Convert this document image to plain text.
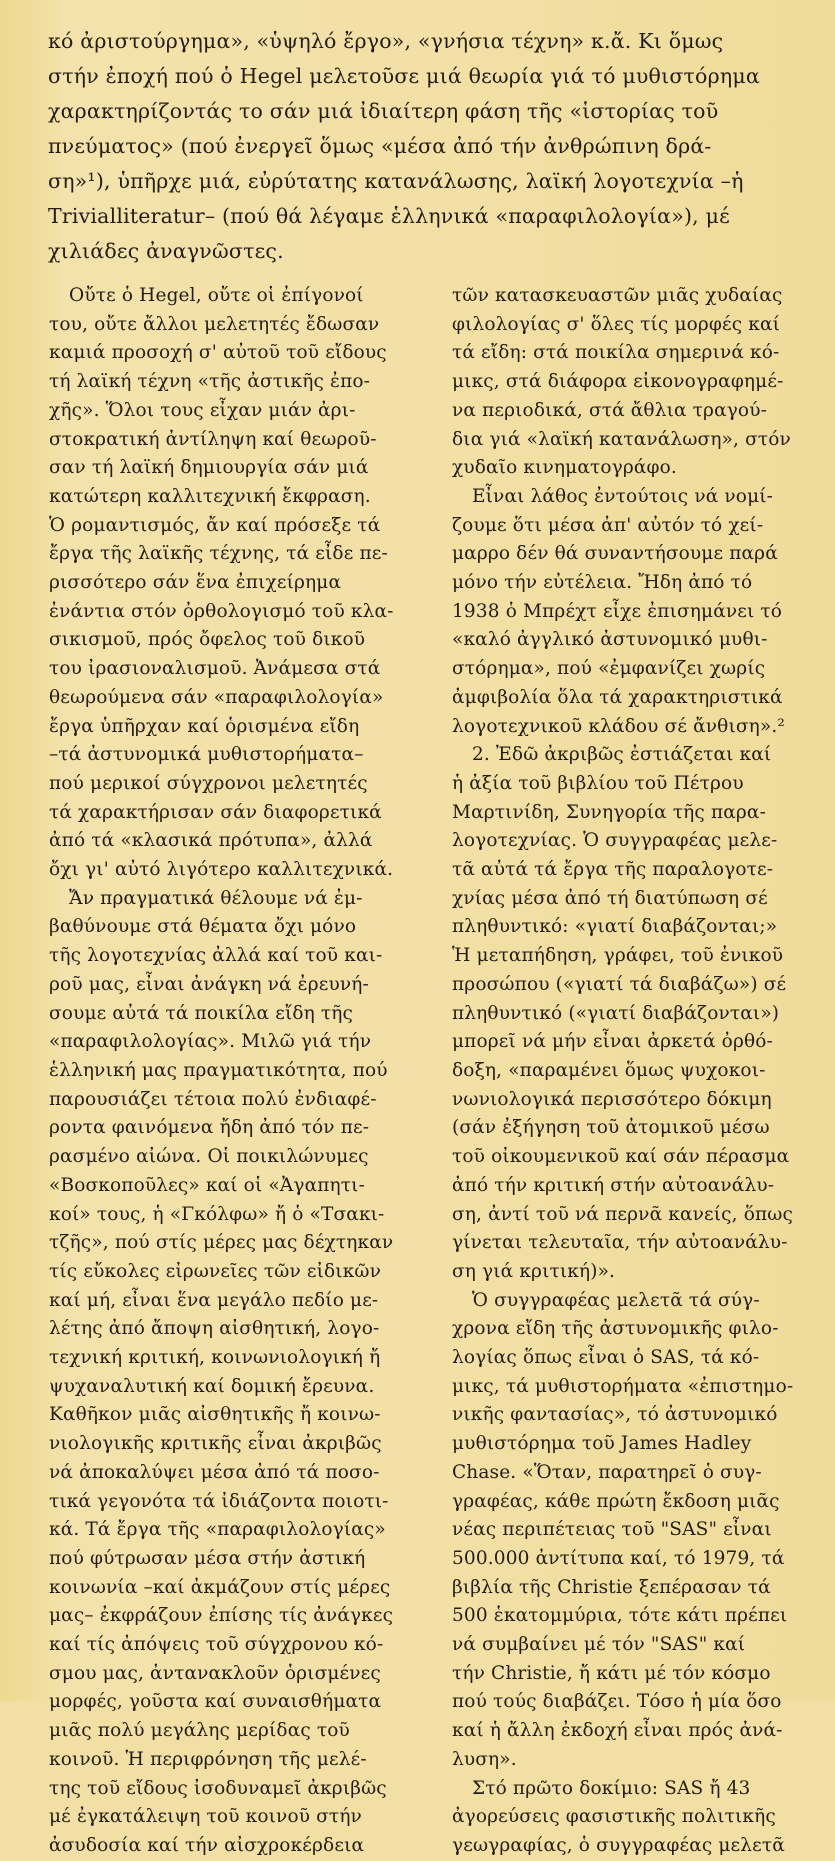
κό ἀριστούργημα», «ὑψηλό ἔργο», «γνήσια τέχνη» κ.ἄ. Κι ὅμως

στήν ἐποχή πού ὁ Hegel μελετοῦσε μιά θεωρία γιά τό μυθιστόρημα

χαρακτηρίζοντάς το σάν μιά ἰδιαίτερη φάση τῆς «ἱστορίας τοῦ

πνεύματος» (πού ἐνεργεῖ ὅμως «μέσα ἀπό τήν ἀνθρώπινη δρά-

ση»¹), ὑπῆρχε μιά, εὐρύτατης κατανάλωσης, λαϊκή λογοτεχνία –ἡ

Trivialliteratur– (πού θά λέγαμε ἑλληνικά «παραφιλολογία»), μέ

χιλιάδες ἀναγνῶστες.

Οὔτε ὁ Hegel, οὔτε οἱ ἐπίγονοί

του, οὔτε ἄλλοι μελετητές ἔδωσαν

καμιά προσοχή σ' αὐτοῦ τοῦ εἴδους

τή λαϊκή τέχνη «τῆς ἀστικῆς ἐπο-

χῆς». Ὅλοι τους εἶχαν μιάν ἀρι-

στοκρατική ἀντίληψη καί θεωροῦ-

σαν τή λαϊκή δημιουργία σάν μιά

κατώτερη καλλιτεχνική ἔκφραση.

Ὁ ρομαντισμός, ἄν καί πρόσεξε τά

ἔργα τῆς λαϊκῆς τέχνης, τά εἶδε πε-

ρισσότερο σάν ἕνα ἐπιχείρημα

ἐνάντια στόν ὀρθολογισμό τοῦ κλα-

σικισμοῦ, πρός ὄφελος τοῦ δικοῦ

του ἰρασιοναλισμοῦ. Ἀνάμεσα στά

θεωρούμενα σάν «παραφιλολογία»

ἔργα ὑπῆρχαν καί ὁρισμένα εἴδη

–τά ἀστυνομικά μυθιστορήματα–

πού μερικοί σύγχρονοι μελετητές

τά χαρακτήρισαν σάν διαφορετικά

ἀπό τά «κλασικά πρότυπα», ἀλλά

ὄχι γι' αὐτό λιγότερο καλλιτεχνικά.

Ἄν πραγματικά θέλουμε νά ἐμ-

βαθύνουμε στά θέματα ὄχι μόνο

τῆς λογοτεχνίας ἀλλά καί τοῦ και-

ροῦ μας, εἶναι ἀνάγκη νά ἐρευνή-

σουμε αὐτά τά ποικίλα εἴδη τῆς

«παραφιλολογίας». Μιλῶ γιά τήν

ἑλληνική μας πραγματικότητα, πού

παρουσιάζει τέτοια πολύ ἐνδιαφέ-

ροντα φαινόμενα ἤδη ἀπό τόν πε-

ρασμένο αἰώνα. Οἱ ποικιλώνυμες

«Βοσκοποῦλες» καί οἱ «Ἀγαπητι-

κοί» τους, ἡ «Γκόλφω» ἤ ὁ «Τσακι-

τζῆς», πού στίς μέρες μας δέχτηκαν

τίς εὔκολες εἰρωνεῖες τῶν εἰδικῶν

καί μή, εἶναι ἕνα μεγάλο πεδίο με-

λέτης ἀπό ἄποψη αἰσθητική, λογο-

τεχνική κριτική, κοινωνιολογική ἤ

ψυχαναλυτική καί δομική ἔρευνα.

Καθῆκον μιᾶς αἰσθητικῆς ἤ κοινω-

νιολογικῆς κριτικῆς εἶναι ἀκριβῶς

νά ἀποκαλύψει μέσα ἀπό τά ποσο-

τικά γεγονότα τά ἰδιάζοντα ποιοτι-

κά. Τά ἔργα τῆς «παραφιλολογίας»

πού φύτρωσαν μέσα στήν ἀστική

κοινωνία –καί ἀκμάζουν στίς μέρες

μας– ἐκφράζουν ἐπίσης τίς ἀνάγκες

καί τίς ἀπόψεις τοῦ σύγχρονου κό-

σμου μας, ἀντανακλοῦν ὁρισμένες

μορφές, γοῦστα καί συναισθήματα

μιᾶς πολύ μεγάλης μερίδας τοῦ

κοινοῦ. Ἡ περιφρόνηση τῆς μελέ-

της τοῦ εἴδους ἰσοδυναμεῖ ἀκριβῶς

μέ ἐγκατάλειψη τοῦ κοινοῦ στήν

ἀσυδοσία καί τήν αἰσχροκέρδεια

τῶν κατασκευαστῶν μιᾶς χυδαίας

φιλολογίας σ' ὅλες τίς μορφές καί

τά εἴδη: στά ποικίλα σημερινά κό-

μικς, στά διάφορα εἰκονογραφημέ-

να περιοδικά, στά ἄθλια τραγού-

δια γιά «λαϊκή κατανάλωση», στόν

χυδαῖο κινηματογράφο.

Εἶναι λάθος ἐντούτοις νά νομί-

ζουμε ὅτι μέσα ἀπ' αὐτόν τό χεί-

μαρρο δέν θά συναντήσουμε παρά

μόνο τήν εὐτέλεια. Ἤδη ἀπό τό

1938 ὁ Μπρέχτ εἶχε ἐπισημάνει τό

«καλό ἀγγλικό ἀστυνομικό μυθι-

στόρημα», πού «ἐμφανίζει χωρίς

ἀμφιβολία ὅλα τά χαρακτηριστικά

λογοτεχνικοῦ κλάδου σέ ἄνθιση».²

2. Ἐδῶ ἀκριβῶς ἐστιάζεται καί

ἡ ἀξία τοῦ βιβλίου τοῦ Πέτρου

Μαρτινίδη, Συνηγορία τῆς παρα-

λογοτεχνίας. Ὁ συγγραφέας μελε-

τᾶ αὐτά τά ἔργα τῆς παραλογοτε-

χνίας μέσα ἀπό τή διατύπωση σέ

πληθυντικό: «γιατί διαβάζονται;»

Ἡ μεταπήδηση, γράφει, τοῦ ἑνικοῦ

προσώπου («γιατί τά διαβάζω») σέ

πληθυντικό («γιατί διαβάζονται»)

μπορεῖ νά μήν εἶναι ἀρκετά ὀρθό-

δοξη, «παραμένει ὅμως ψυχοκοι-

νωνιολογικά περισσότερο δόκιμη

(σάν ἐξήγηση τοῦ ἀτομικοῦ μέσω

τοῦ οἰκουμενικοῦ καί σάν πέρασμα

ἀπό τήν κριτική στήν αὐτοανάλυ-

ση, ἀντί τοῦ νά περνᾶ κανείς, ὅπως

γίνεται τελευταῖα, τήν αὐτοανάλυ-

ση γιά κριτική)».

Ὁ συγγραφέας μελετᾶ τά σύγ-

χρονα εἴδη τῆς ἀστυνομικῆς φιλο-

λογίας ὅπως εἶναι ὁ SAS, τά κό-

μικς, τά μυθιστορήματα «ἐπιστημο-

νικῆς φαντασίας», τό ἀστυνομικό

μυθιστόρημα τοῦ James Hadley

Chase. «Ὅταν, παρατηρεῖ ὁ συγ-

γραφέας, κάθε πρώτη ἔκδοση μιᾶς

νέας περιπέτειας τοῦ "SAS" εἶναι

500.000 ἀντίτυπα καί, τό 1979, τά

βιβλία τῆς Christie ξεπέρασαν τά

500 ἑκατομμύρια, τότε κάτι πρέπει

νά συμβαίνει μέ τόν "SAS" καί

τήν Christie, ἤ κάτι μέ τόν κόσμο

πού τούς διαβάζει. Τόσο ἡ μία ὅσο

καί ἡ ἄλλη ἐκδοχή εἶναι πρός ἀνά-

λυση».

Στό πρῶτο δοκίμιο: SAS ἤ 43

ἀγορεύσεις φασιστικῆς πολιτικῆς

γεωγραφίας, ὁ συγγραφέας μελετᾶ
